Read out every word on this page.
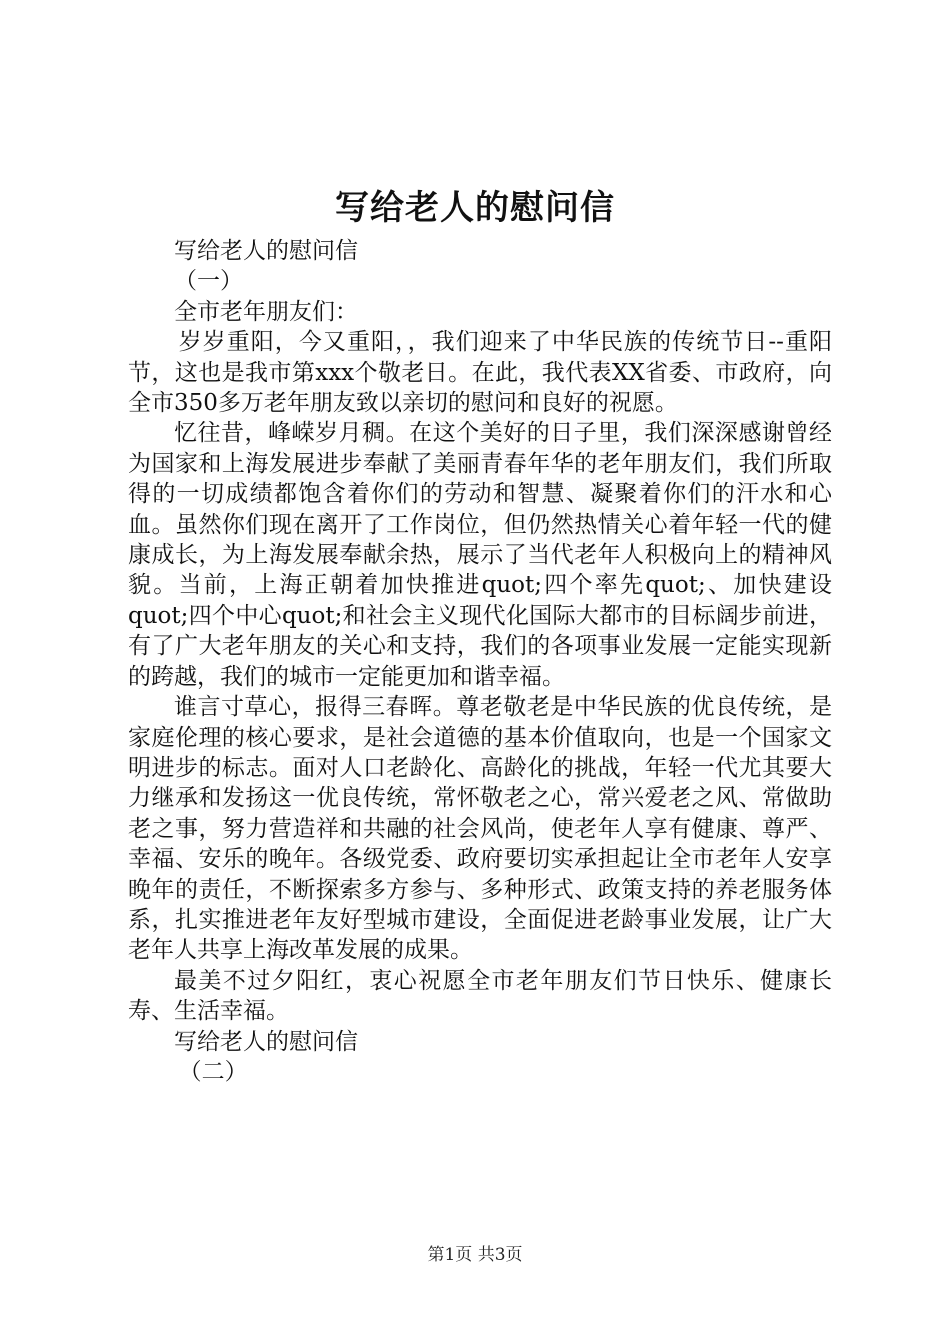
写给老人的慰问信

写给老人的慰问信

（一）

全市老年朋友们：

岁岁重阳，今又重阳，，我们迎来了中华民族的传统节日--重阳节，这也是我市第xxx个敬老日。在此，我代表XX省委、市政府，向全市350多万老年朋友致以亲切的慰问和良好的祝愿。

忆往昔，峰嵘岁月稠。在这个美好的日子里，我们深深感谢曾经为国家和上海发展进步奉献了美丽青春年华的老年朋友们，我们所取得的一切成绩都饱含着你们的劳动和智慧、凝聚着你们的汗水和心血。虽然你们现在离开了工作岗位，但仍然热情关心着年轻一代的健康成长，为上海发展奉献余热，展示了当代老年人积极向上的精神风貌。当前，上海正朝着加快推进quot;四个率先quot;、加快建设quot;四个中心quot;和社会主义现代化国际大都市的目标阔步前进，有了广大老年朋友的关心和支持，我们的各项事业发展一定能实现新的跨越，我们的城市一定能更加和谐幸福。

谁言寸草心，报得三春晖。尊老敬老是中华民族的优良传统，是家庭伦理的核心要求，是社会道德的基本价值取向，也是一个国家文明进步的标志。面对人口老龄化、高龄化的挑战，年轻一代尤其要大力继承和发扬这一优良传统，常怀敬老之心，常兴爱老之风、常做助老之事，努力营造祥和共融的社会风尚，使老年人享有健康、尊严、幸福、安乐的晚年。各级党委、政府要切实承担起让全市老年人安享晚年的责任，不断探索多方参与、多种形式、政策支持的养老服务体系，扎实推进老年友好型城市建设，全面促进老龄事业发展，让广大老年人共享上海改革发展的成果。

最美不过夕阳红，衷心祝愿全市老年朋友们节日快乐、健康长寿、生活幸福。

写给老人的慰问信

（二）

第1页 共3页
